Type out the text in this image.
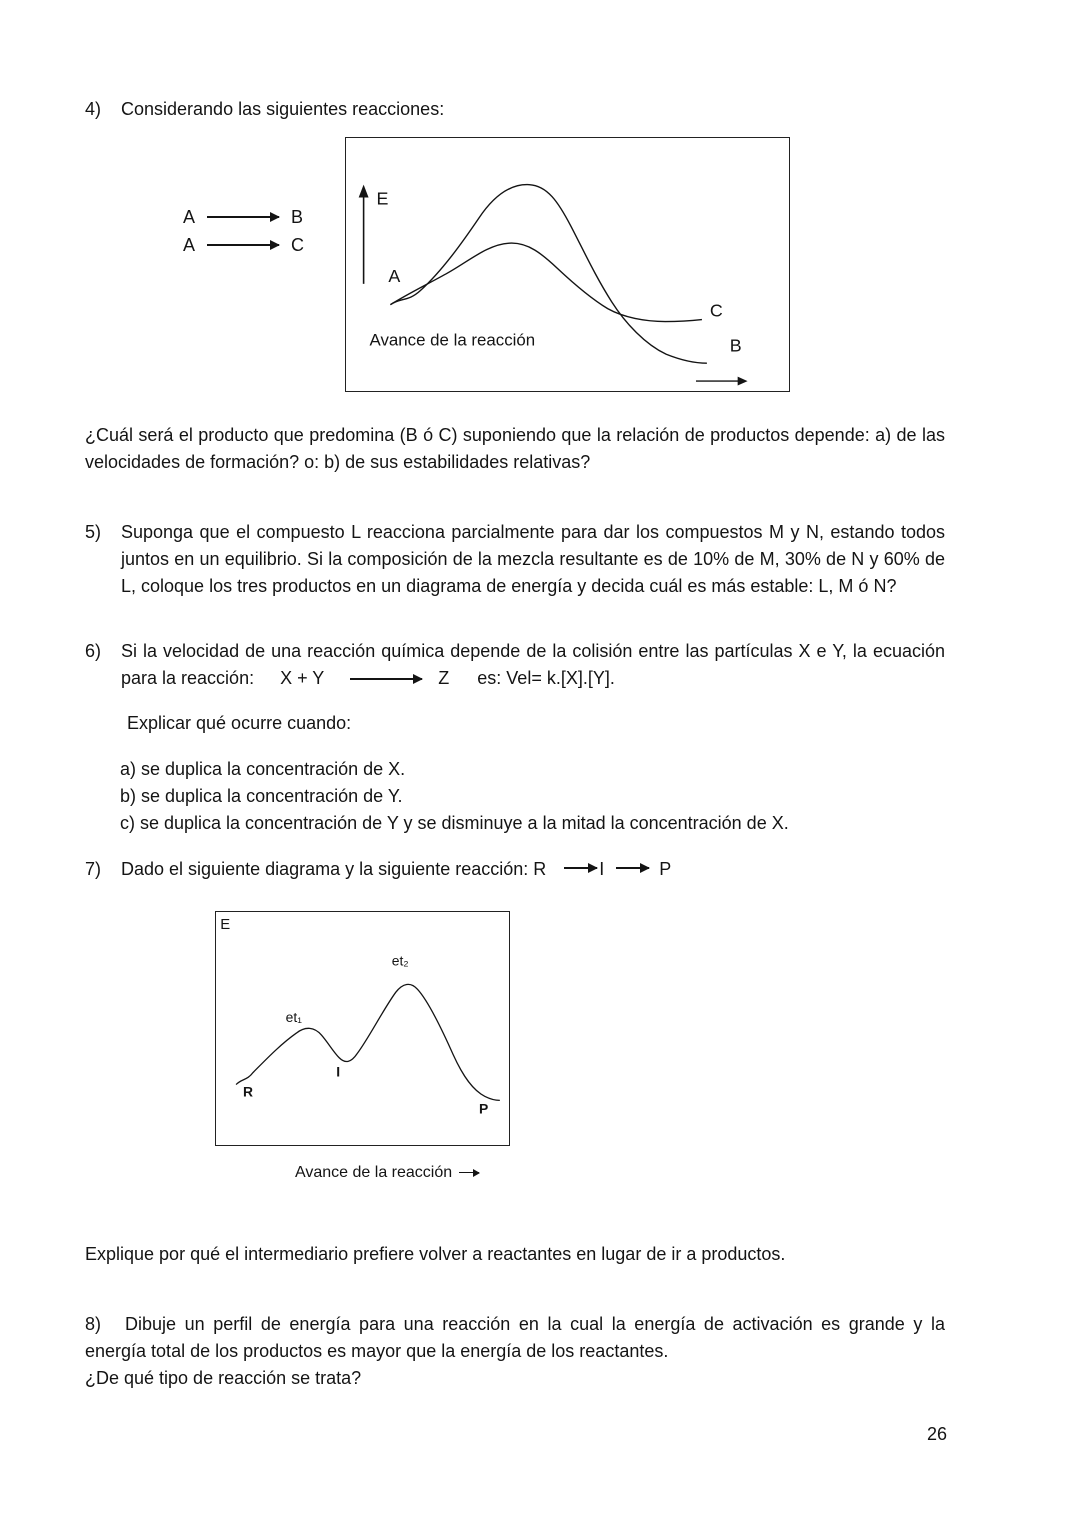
4) Considerando las siguientes reacciones:

A	B
A	C
E
A
C
B
Avance de la reacción

¿Cuál será el producto que predomina (B ó C) suponiendo que la relación de productos depende: a) de las velocidades de formación? o: b) de sus estabilidades relativas?

5) Suponga que el compuesto L reacciona parcialmente para dar los compuestos M y N, estando todos juntos en un equilibrio. Si la composición de la mezcla resultante es de 10% de M, 30% de N y 60% de L, coloque los tres productos en un diagrama de energía y decida cuál es más estable: L, M ó N?

6) Si la velocidad de una reacción química depende de la colisión entre las partículas X e Y, la ecuación para la reacción: X + Y	Z es: Vel= k.[X].[Y].

Explicar qué ocurre cuando:

a) se duplica la concentración de X.
b) se duplica la concentración de Y.
c) se duplica la concentración de Y y se disminuye a la mitad la concentración de X.

7) Dado el siguiente diagrama y la siguiente reacción: R	I	P

E
et₁
et₂
R
I
P
Avance de la reacción

Explique por qué el intermediario prefiere volver a reactantes en lugar de ir a productos.

8) Dibuje un perfil de energía para una reacción en la cual la energía de activación es grande y la energía total de los productos es mayor que la energía de los reactantes.

¿De qué tipo de reacción se trata?

26
